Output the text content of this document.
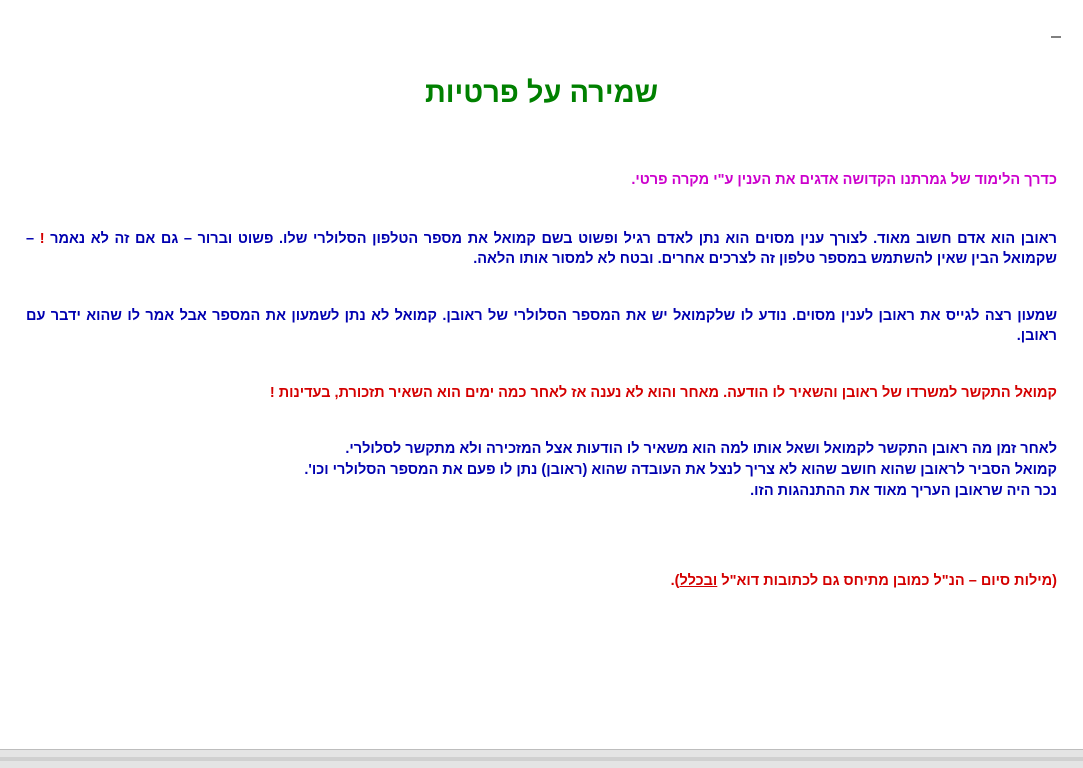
שמירה על פרטיות

כדרך הלימוד של גמרתנו הקדושה אדגים את הענין ע"י מקרה פרטי.

ראובן הוא אדם חשוב מאוד. לצורך ענין מסוים הוא נתן לאדם רגיל ופשוט בשם קמואל את מספר הטלפון הסלולרי שלו. פשוט וברור – גם אם זה לא נאמר ! – שקמואל הבין שאין להשתמש במספר טלפון זה לצרכים אחרים. ובטח לא למסור אותו הלאה.

שמעון רצה לגייס את ראובן לענין מסוים. נודע לו שלקמואל יש את המספר הסלולרי של ראובן. קמואל לא נתן לשמעון את המספר אבל אמר לו שהוא ידבר עם ראובן.

קמואל התקשר למשרדו של ראובן והשאיר לו הודעה. מאחר והוא לא נענה אז לאחר כמה ימים הוא השאיר תזכורת, בעדינות !

לאחר זמן מה ראובן התקשר לקמואל ושאל אותו למה הוא משאיר לו הודעות אצל המזכירה ולא מתקשר לסלולרי.
קמואל הסביר לראובן שהוא חושב שהוא לא צריך לנצל את העובדה שהוא (ראובן) נתן לו פעם את המספר הסלולרי וכו'.
נכר היה שראובן העריך מאוד את ההתנהגות הזו.

(מילות סיום – הנ"ל כמובן מתיחס גם לכתובות דוא"ל ובכלל).
